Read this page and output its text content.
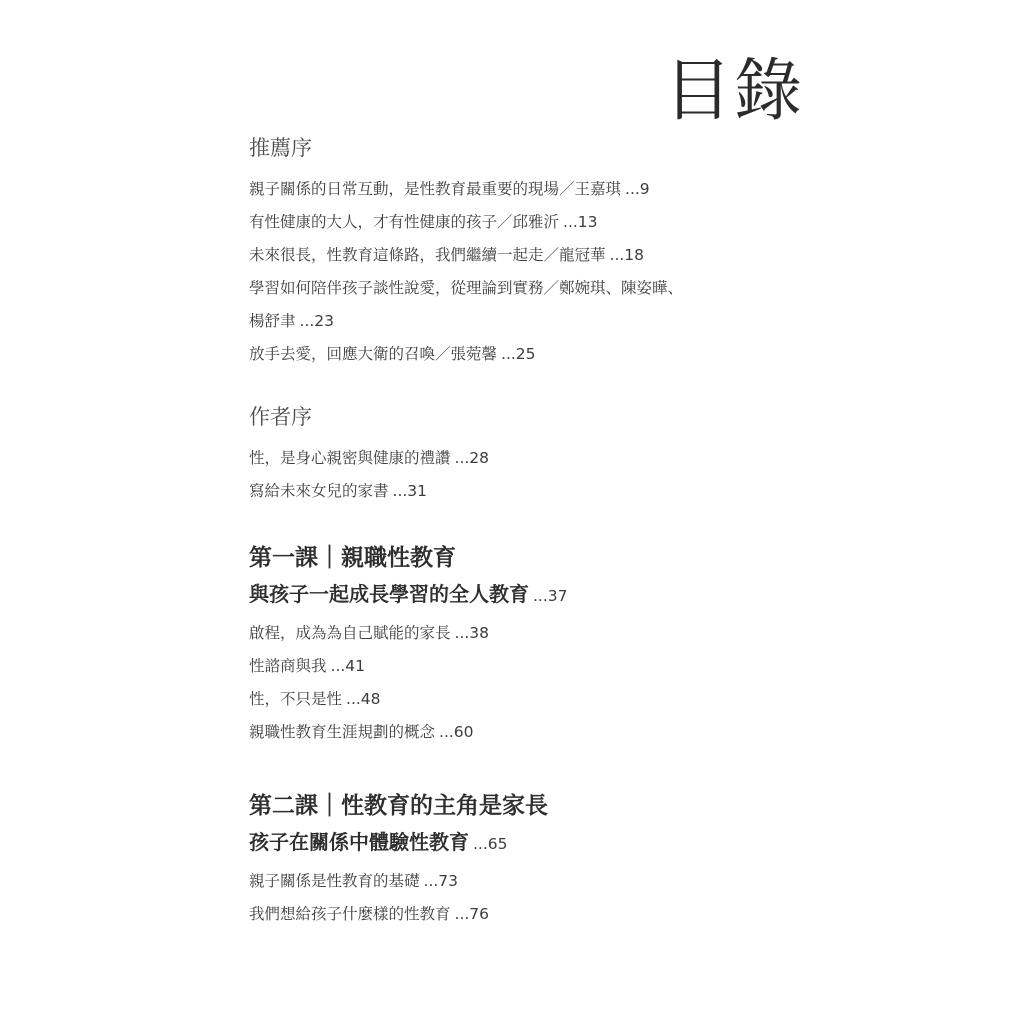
目錄
推薦序
親子關係的日常互動，是性教育最重要的現場／王嘉琪 ...9
有性健康的大人，才有性健康的孩子／邱雅沂 ...13
未來很長，性教育這條路，我們繼續一起走／龍冠華 ...18
學習如何陪伴孩子談性說愛，從理論到實務／鄭婉琪、陳姿曄、
楊舒聿 ...23
放手去愛，回應大衛的召喚／張菀馨 ...25
作者序
性，是身心親密與健康的禮讚 ...28
寫給未來女兒的家書 ...31
第一課｜親職性教育
與孩子一起成長學習的全人教育 ...37
啟程，成為為自己賦能的家長 ...38
性諮商與我 ...41
性，不只是性 ...48
親職性教育生涯規劃的概念 ...60
第二課｜性教育的主角是家長
孩子在關係中體驗性教育 ...65
親子關係是性教育的基礎 ...73
我們想給孩子什麼樣的性教育 ...76
